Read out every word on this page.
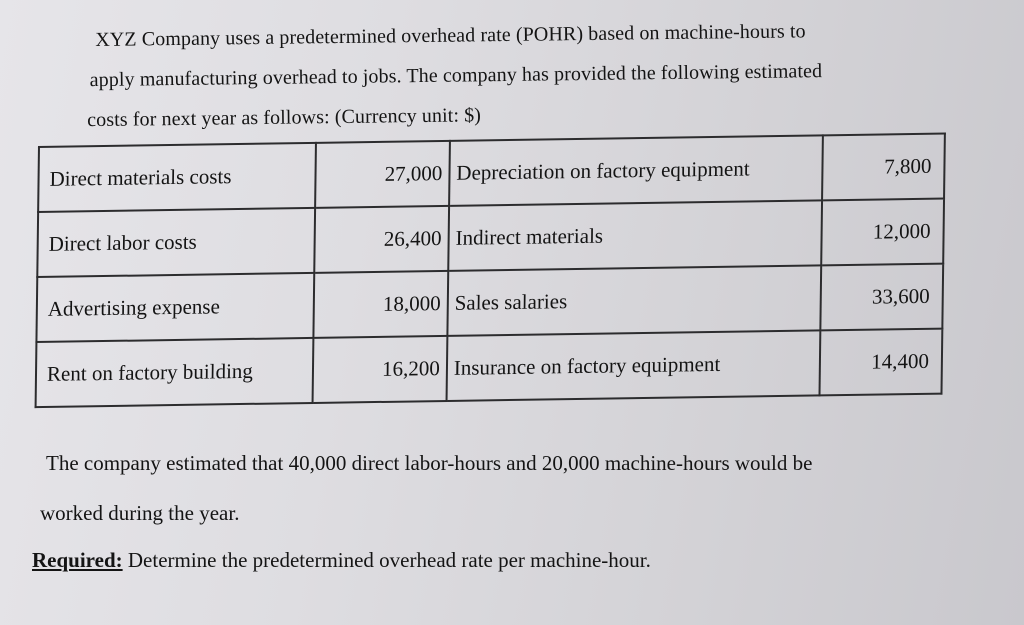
XYZ Company uses a predetermined overhead rate (POHR) based on machine-hours to
apply manufacturing overhead to jobs. The company has provided the following estimated
costs for next year as follows: (Currency unit: $)
Direct materials costs	27,000	Depreciation on factory equipment	7,800
Direct labor costs	26,400	Indirect materials	12,000
Advertising expense	18,000	Sales salaries	33,600
Rent on factory building	16,200	Insurance on factory equipment	14,400
The company estimated that 40,000 direct labor-hours and 20,000 machine-hours would be
worked during the year.
Required: Determine the predetermined overhead rate per machine-hour.
